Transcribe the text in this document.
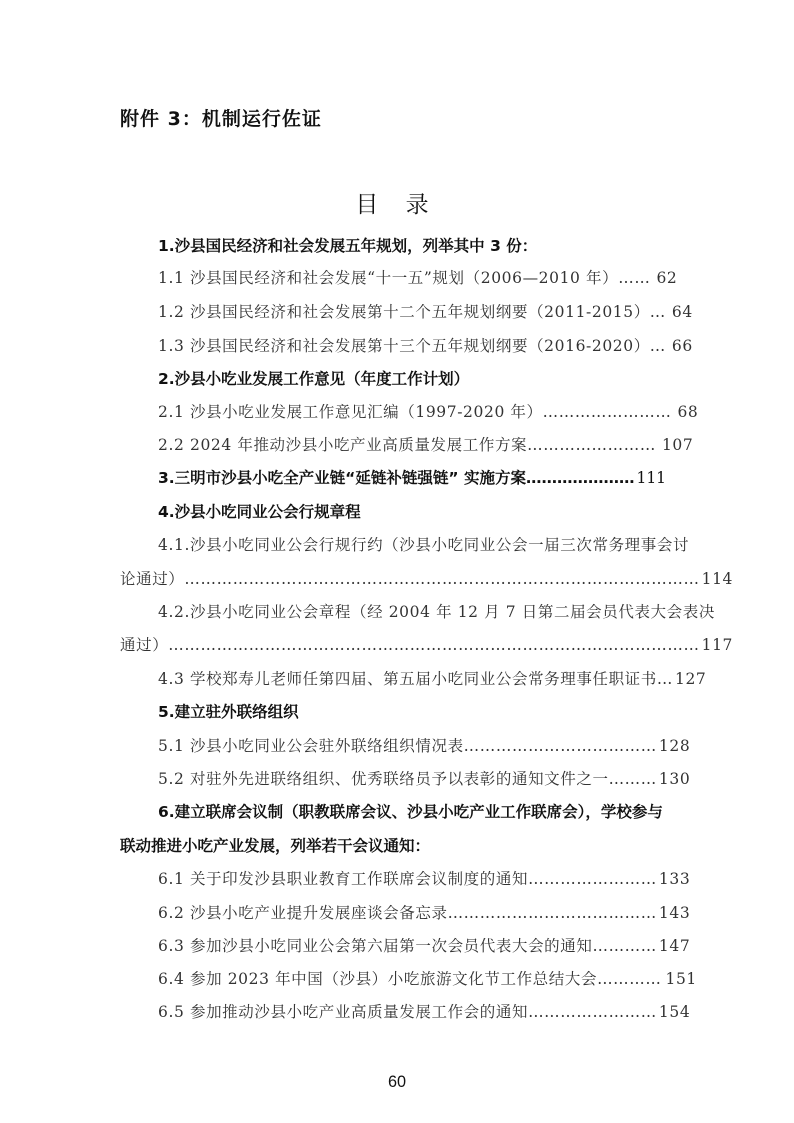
附件 3：机制运行佐证
目 录
1.沙县国民经济和社会发展五年规划，列举其中 3 份：
1.1 沙县国民经济和社会发展“十一五”规划（2006—2010 年）…… 62
1.2 沙县国民经济和社会发展第十二个五年规划纲要（2011-2015）… 64
1.3 沙县国民经济和社会发展第十三个五年规划纲要（2016-2020）… 66
2.沙县小吃业发展工作意见（年度工作计划）
2.1 沙县小吃业发展工作意见汇编（1997-2020 年）…………………… 68
2.2 2024 年推动沙县小吃产业高质量发展工作方案…………………… 107
3.三明市沙县小吃全产业链“延链补链强链” 实施方案………………… 111
4.沙县小吃同业公会行规章程
4.1.沙县小吃同业公会行规行约（沙县小吃同业公会一届三次常务理事会讨
论通过）…………………………………………………………………………………… 114
4.2.沙县小吃同业公会章程（经 2004 年 12 月 7 日第二届会员代表大会表决
通过）……………………………………………………………………………………… 117
4.3 学校郑寿儿老师任第四届、第五届小吃同业公会常务理事任职证书… 127
5.建立驻外联络组织
5.1 沙县小吃同业公会驻外联络组织情况表……………………………… 128
5.2 对驻外先进联络组织、优秀联络员予以表彰的通知文件之一……… 130
6.建立联席会议制（职教联席会议、沙县小吃产业工作联席会），学校参与
联动推进小吃产业发展，列举若干会议通知：
6.1 关于印发沙县职业教育工作联席会议制度的通知…………………… 133
6.2 沙县小吃产业提升发展座谈会备忘录………………………………… 143
6.3 参加沙县小吃同业公会第六届第一次会员代表大会的通知………… 147
6.4 参加 2023 年中国（沙县）小吃旅游文化节工作总结大会………… 151
6.5 参加推动沙县小吃产业高质量发展工作会的通知…………………… 154
60
